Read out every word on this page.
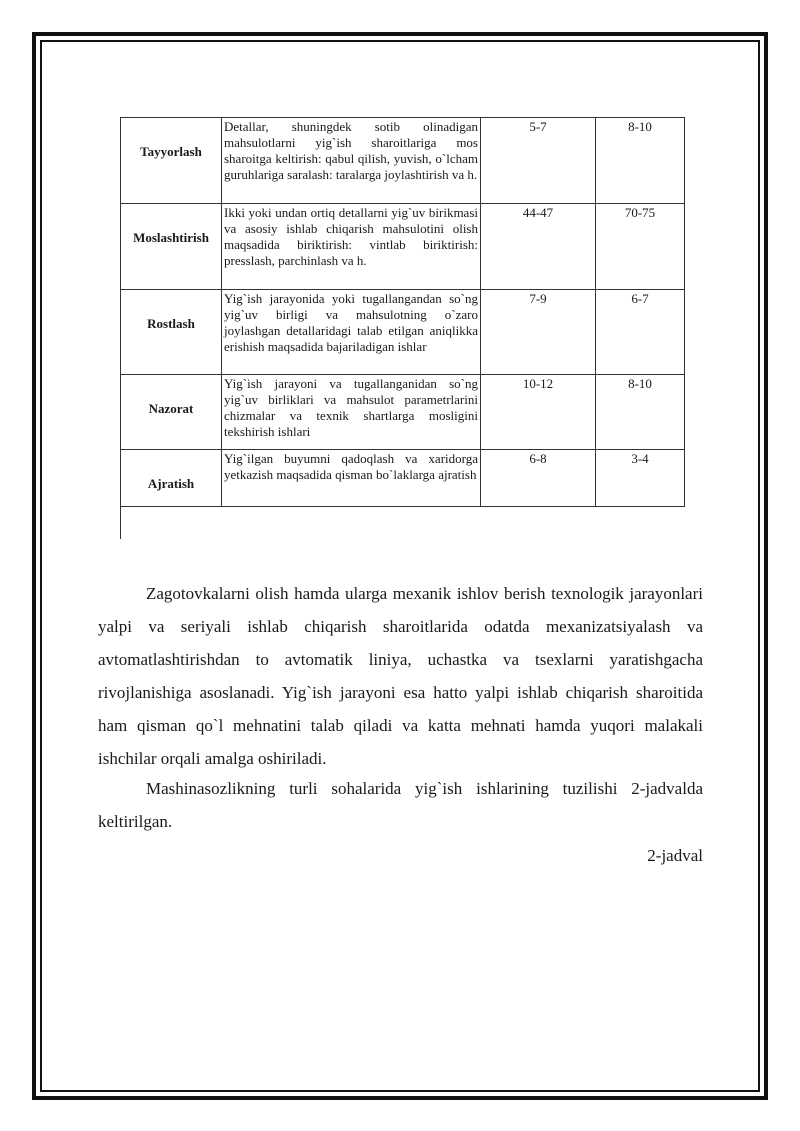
Tayyorlash	Detallar, shuningdek sotib olinadigan mahsulotlarni yig`ish sharoitlariga mos sharoitga keltirish: qabul qilish, yuvish, o`lcham guruhlariga saralash: taralarga joylashtirish va h.	5-7	8-10
Moslashtirish	Ikki yoki undan ortiq detallarni yig`uv birikmasi va asosiy ishlab chiqarish mahsulotini olish maqsadida biriktirish: vintlab biriktirish: presslash, parchinlash va h.	44-47	70-75
Rostlash	Yig`ish jarayonida yoki tugallangandan so`ng yig`uv birligi va mahsulotning o`zaro joylashgan detallaridagi talab etilgan aniqlikka erishish maqsadida bajariladigan ishlar	7-9	6-7
Nazorat	Yig`ish jarayoni va tugallanganidan so`ng yig`uv birliklari va mahsulot parametrlarini chizmalar va texnik shartlarga mosligini tekshirish ishlari	10-12	8-10
Ajratish	Yig`ilgan buyumni qadoqlash va xaridorga yetkazish maqsadida qisman bo`laklarga ajratish	6-8	3-4

Zagotovkalarni olish hamda ularga mexanik ishlov berish texnologik jarayonlari yalpi va seriyali ishlab chiqarish sharoitlarida odatda mexanizatsiyalash va avtomatlashtirishdan to avtomatik liniya, uchastka va tsexlarni yaratishgacha rivojlanishiga asoslanadi. Yig`ish jarayoni esa hatto yalpi ishlab chiqarish sharoitida ham qisman qo`l mehnatini talab qiladi va katta mehnati hamda yuqori malakali ishchilar orqali amalga oshiriladi.

Mashinasozlikning turli sohalarida yig`ish ishlarining tuzilishi 2-jadvalda keltirilgan.

2-jadval
